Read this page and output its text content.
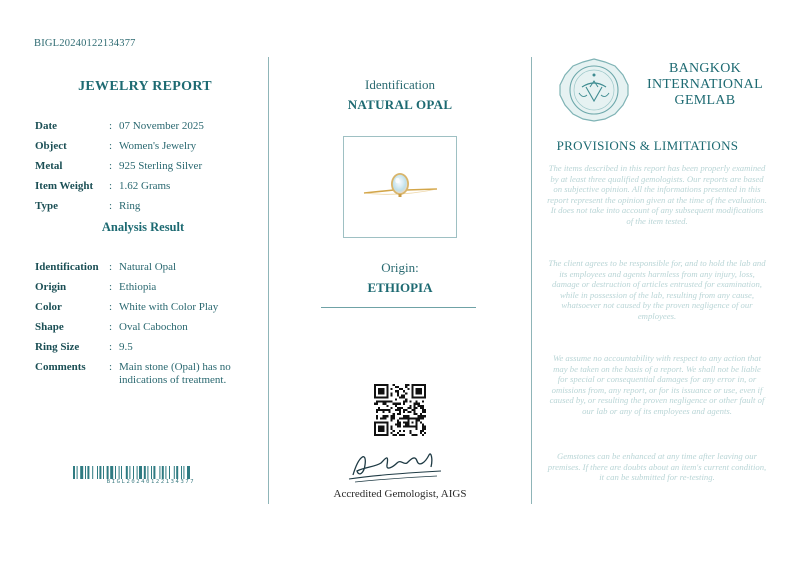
BIGL20240122134377
JEWELRY REPORT
Date	: 07 November 2025
Object	: Women's Jewelry
Metal	: 925 Sterling Silver
Item Weight : 1.62 Grams
Type	: Ring
Analysis Result
Identification : Natural Opal
Origin	: Ethiopia
Color	: White with Color Play
Shape	: Oval Cabochon
Ring Size	: 9.5
Comments : Main stone (Opal) has no indications of treatment.
BIGL20240122134377
Identification
NATURAL OPAL
Origin:
ETHIOPIA
Accredited Gemologist, AIGS
BANGKOK
INTERNATIONAL
GEMLAB
PROVISIONS & LIMITATIONS
The items described in this report has been properly examined by at least three qualified gemologists. Our reports are based on subjective opinion. All the informations presented in this report represent the opinion given at the time of the evaluation. It does not take into account of any subsequent modifications of the item tested.
The client agrees to be responsible for, and to hold the lab and its employees and agents harmless from any injury, loss, damage or destruction of articles entrusted for examination, while in possession of the lab, resulting from any cause, whatsoever not caused by the proven negligence of our employees.
We assume no accountability with respect to any action that may be taken on the basis of a report. We shall not be liable for special or consequential damages for any error in, or omissions from, any report, or for its issuance or use, even if caused by, or resulting the proven negligence or other fault of our lab or any of its employees and agents.
Gemstones can be enhanced at any time after leaving our premises. If there are doubts about an item's current condition, it can be submitted for re-testing.
